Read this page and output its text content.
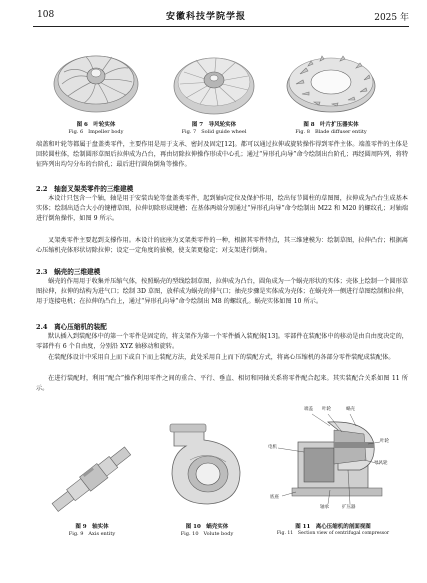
108	安徽科技学院学报	2025 年
图 6　叶轮实体
Fig. 6　Impeller body
图 7　导风轮实体
Fig. 7　Solid guide wheel
图 8　叶片扩压器实体
Fig. 8　Blade diffuser entity
端盖和叶轮等都属于盘盖类零件，主要作用是用于支承、密封及固定[12]。都可以通过拉伸或旋转操作得到零件主体。端盖零件的主体是回转圆柱体，绘制圆形草图后拉伸成为凸台，再由切除拉伸操作形成中心孔；通过“异形孔向导”命令绘制出台阶孔；再经圆周阵列，将特征阵列出均匀分布的台阶孔；最后进行圆角倒角等操作。
2.2　轴套叉架类零件的三维建模
本设计只包含一个轴，轴是用于安装齿轮等盘盖类零件，起到轴向定位及保护作用，绘出每节圆柱的草图图，拉伸成为凸台生成基本实体；绘制出适合大小的键槽草图，拉伸切除形成键槽；在基体两端分别通过“异形孔向导”命令绘制出 M22 和 M20 的螺纹孔；对轴端进行倒角操作，如图 9 所示。
叉架类零件主要起到支撑作用。本设计的底座为叉架类零件的一种，根据其零件特点，其三维建模为：绘制草图，拉伸凸台；根据离心压缩机壳体形状切除拉伸；设定一定角度的拔模，使支架更稳定；对支架进行倒角。
2.3　蜗壳的三维建模
蜗壳的作用用于收集并压缩气体，按照蜗壳的型线绘制草图，拉伸成为凸台，圆角成为一个蜗壳形状的实体；壳体上绘制一个圆形草图拉伸，拉伸的结构为进气口；绘制 3D 草图，放样成为蜗壳的排气口；抽壳步骤是实体成为壳体；在蜗壳外一侧进行草图绘制和拉伸，用于连接电机；在拉伸的凸台上，通过“异形孔向导”命令绘制出 M8 的螺纹孔。蜗壳实体如图 10 所示。
2.4　离心压缩机的装配
默认插入到装配体中的第一个零件是固定的，将支架作为第一个零件插入装配体[13]。零部件在装配体中的移动是由自由度决定的，零部件有 6 个自由度，分别沿 XYZ 轴移动和旋转。
在装配体设计中采用自上而下或自下而上装配方法，此处采用自上而下的装配方式，将离心压缩机的各部分零件装配成装配体。
在进行装配时，利用“配合”操作利用零件之间的重合、平行、垂直、相切和同轴关系将零件配合起来。其实装配合关系如图 11 所示。
图 9　轴实体
Fig. 9　Axis entity
图 10　蜗壳实体
Fig. 10　Volute body
端盖 叶轮	蜗壳
电机
叶轮
导风轮
底座
轴承	扩压器
图 11　离心压缩机的剖面视图
Fig. 11　Section view of centrifugal compressor
